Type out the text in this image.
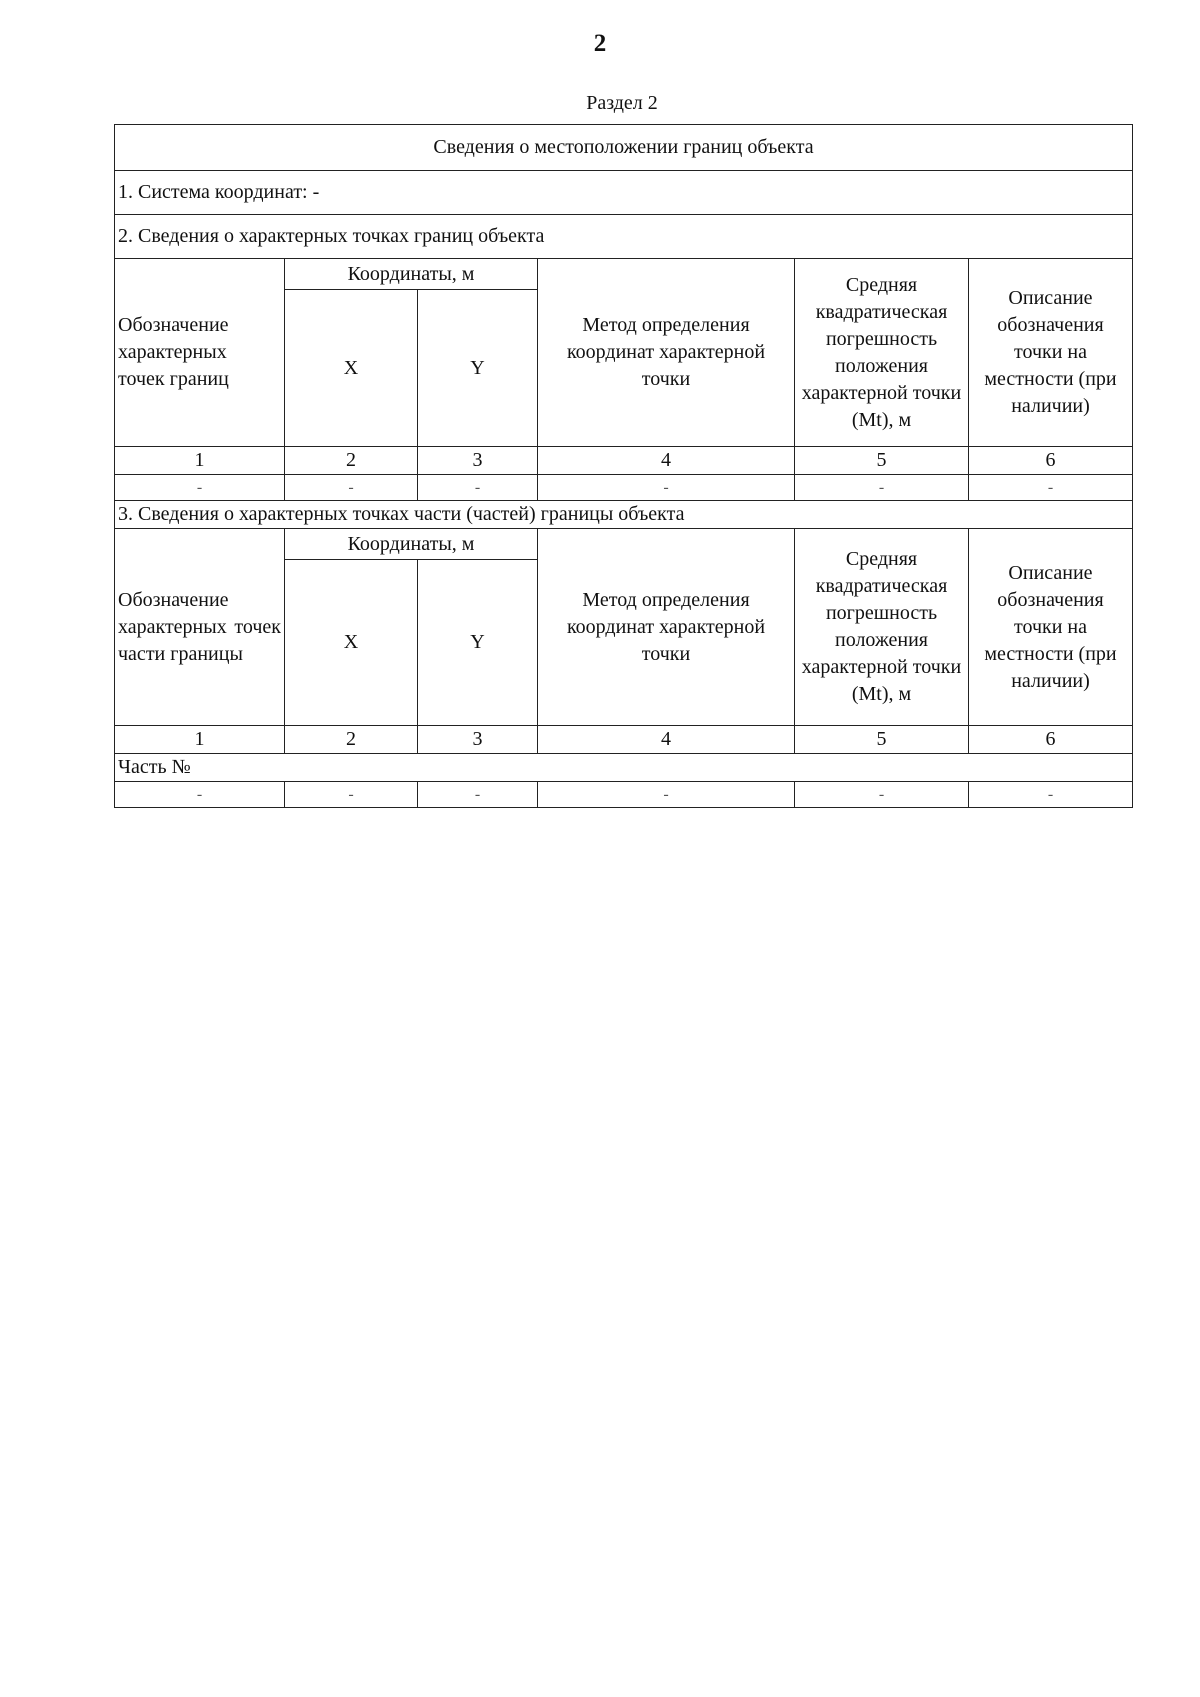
2
Раздел 2
Сведения о местоположении границ объекта					
1. Система координат: -					
2. Сведения о характерных точках границ объекта					
Обозначение
характерных
точек границ	Координаты, м		Метод определения координат характерной точки	Средняя квадратическая погрешность положения характерной точки (Mt), м	Описание обозначения точки на местности (при наличии)
	X	Y			
1	2	3	4	5	6
-	-	-	-	-	-
3. Сведения о характерных точках части (частей) границы объекта					
Обозначение характерных точек части границы	Координаты, м		Метод определения координат характерной точки	Средняя квадратическая погрешность положения характерной точки (Mt), м	Описание обозначения точки на местности (при наличии)
	X	Y			
1	2	3	4	5	6
Часть №					
-	-	-	-	-	-
